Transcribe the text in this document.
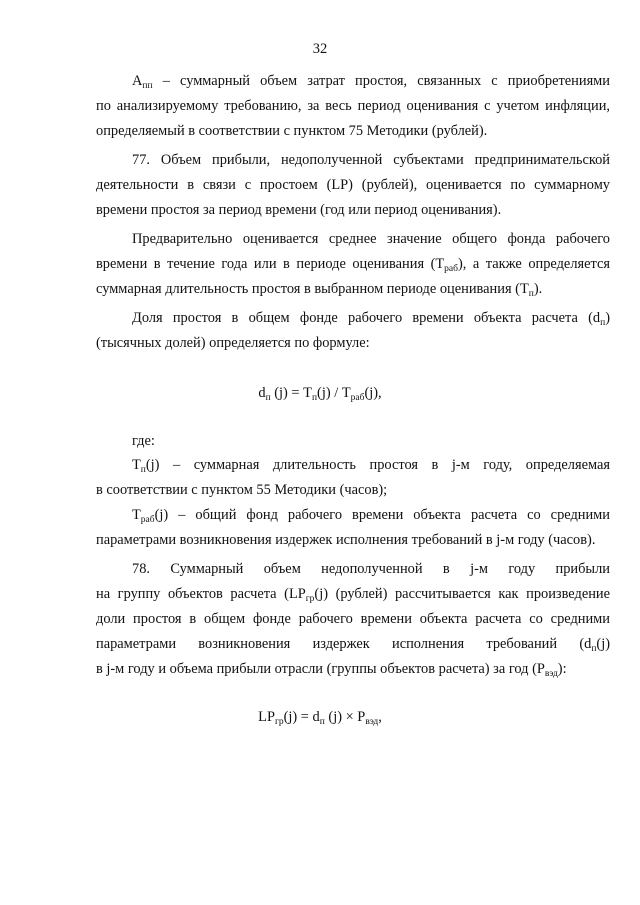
32
$А_{пп}$ – суммарный объем затрат простоя, связанных с приобретениями
по анализируемому требованию, за весь период оценивания с учетом инфляции,
определяемый в соответствии с пунктом 75 Методики (рублей).
77. Объем прибыли, недополученной субъектами предпринимательской
деятельности в связи с простоем (LP) (рублей), оценивается по суммарному
времени простоя за период времени (год или период оценивания).
Предварительно оценивается среднее значение общего фонда рабочего
времени в течение года или в периоде оценивания $(T_{раб})$, а также определяется
суммарная длительность простоя в выбранном периоде оценивания $(T_п)$.
Доля простоя в общем фонде рабочего времени объекта расчета $(d_п)$
(тысячных долей) определяется по формуле:
$d_п$ $(j) = T_п(j) / T_{раб}(j)$,
где:
$T_п(j)$ – суммарная длительность простоя в j-м году, определяемая
в соответствии с пунктом 55 Методики (часов);
$T_{раб}(j)$ – общий фонд рабочего времени объекта расчета со средними
параметрами возникновения издержек исполнения требований в j-м году (часов).
78. Суммарный объем недополученной в j-м году прибыли
на группу объектов расчета ($LP_{гр}(j)$ (рублей) рассчитывается как произведение
доли простоя в общем фонде рабочего времени объекта расчета со средними
параметрами возникновения издержек исполнения требований ($d_п(j)$
в j-м году и объема прибыли отрасли (группы объектов расчета) за год $(P_{вэд})$:
$LP_{гр}(j) = d_п$ $(j) \times P_{вэд}$,
